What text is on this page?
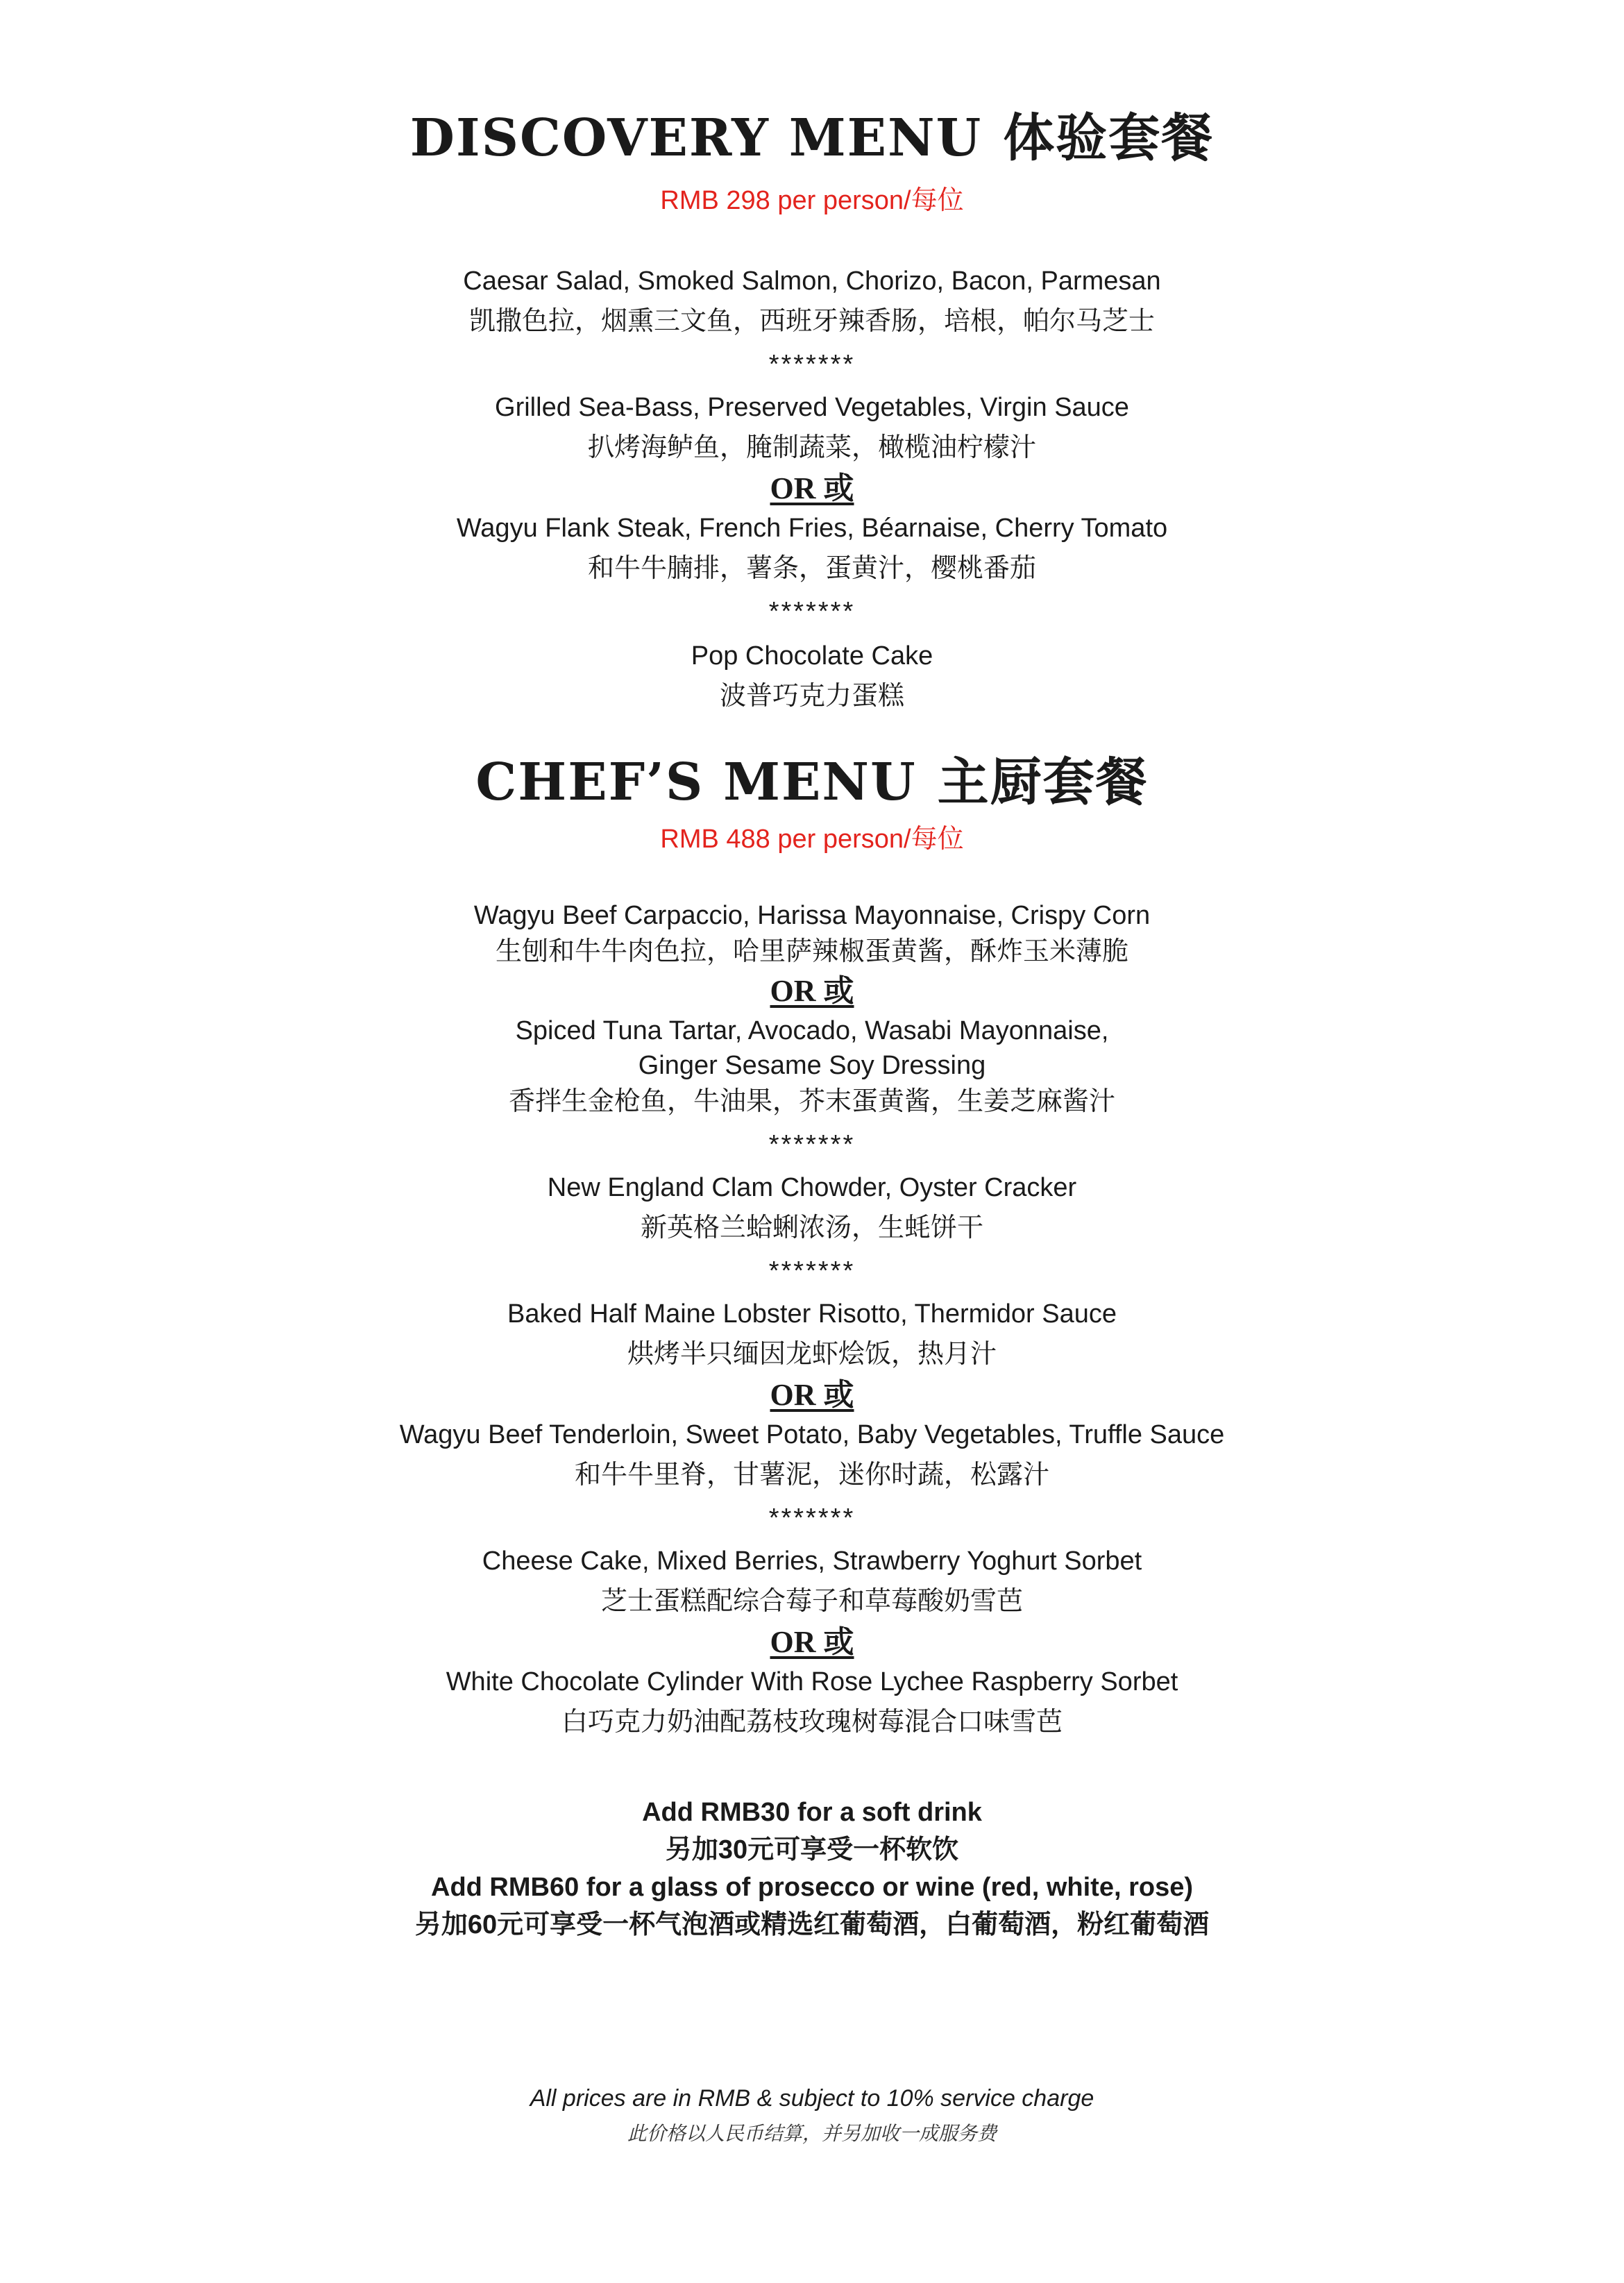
DISCOVERY MENU 体验套餐

RMB 298 per person/每位

Caesar Salad, Smoked Salmon, Chorizo, Bacon, Parmesan

凯撒色拉，烟熏三文鱼，西班牙辣香肠，培根，帕尔马芝士

*******

Grilled Sea-Bass, Preserved Vegetables, Virgin Sauce

扒烤海鲈鱼，腌制蔬菜，橄榄油柠檬汁

OR 或

Wagyu Flank Steak, French Fries, Béarnaise, Cherry Tomato

和牛牛腩排，薯条，蛋黄汁，樱桃番茄

*******

Pop Chocolate Cake

波普巧克力蛋糕

CHEF’S MENU 主厨套餐

RMB 488 per person/每位

Wagyu Beef Carpaccio, Harissa Mayonnaise, Crispy Corn

生刨和牛牛肉色拉，哈里萨辣椒蛋黄酱，酥炸玉米薄脆

OR 或

Spiced Tuna Tartar, Avocado, Wasabi Mayonnaise,

Ginger Sesame Soy Dressing

香拌生金枪鱼，牛油果，芥末蛋黄酱，生姜芝麻酱汁

*******

New England Clam Chowder, Oyster Cracker

新英格兰蛤蜊浓汤，生蚝饼干

*******

Baked Half Maine Lobster Risotto, Thermidor Sauce

烘烤半只缅因龙虾烩饭，热月汁

OR 或

Wagyu Beef Tenderloin, Sweet Potato, Baby Vegetables, Truffle Sauce

和牛牛里脊，甘薯泥，迷你时蔬，松露汁

*******

Cheese Cake, Mixed Berries, Strawberry Yoghurt Sorbet

芝士蛋糕配综合莓子和草莓酸奶雪芭

OR 或

White Chocolate Cylinder With Rose Lychee Raspberry Sorbet

白巧克力奶油配荔枝玫瑰树莓混合口味雪芭

Add RMB30 for a soft drink

另加30元可享受一杯软饮

Add RMB60 for a glass of prosecco or wine (red, white, rose)

另加60元可享受一杯气泡酒或精选红葡萄酒，白葡萄酒，粉红葡萄酒

All prices are in RMB & subject to 10% service charge

此价格以人民币结算，并另加收一成服务费
